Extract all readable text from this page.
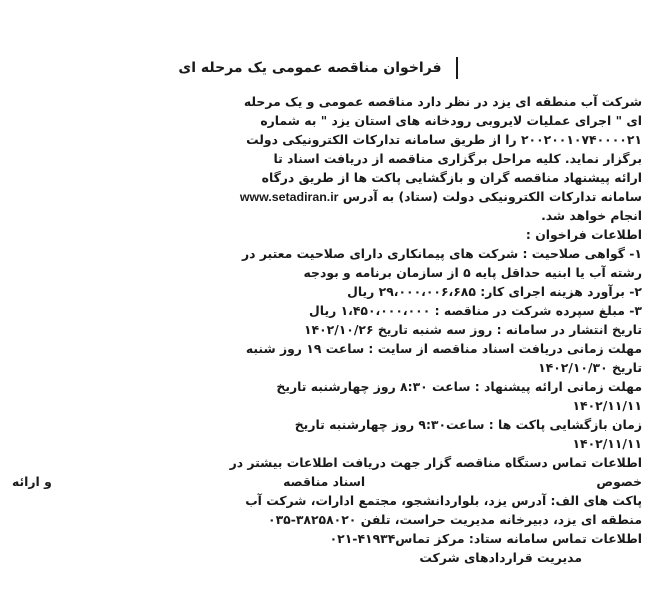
فراخوان مناقصه عمومی یک مرحله ای
شرکت آب منطقه ای یزد در نظر دارد مناقصه عمومی و یک مرحله
ای " اجرای عملیات لایروبی رودخانه های استان یزد " به شماره
۲۰۰۲۰۰۱۰۷۴۰۰۰۰۲۱ را از طریق سامانه تدارکات الکترونیکی دولت
برگزار نماید. کلیه مراحل برگزاری مناقصه از دریافت اسناد تا
ارائه پیشنهاد مناقصه گران و بازگشایی پاکت ها از طریق درگاه
سامانه تدارکات الکترونیکی دولت (ستاد) به آدرس www.setadiran.ir
انجام خواهد شد.
اطلاعات فراخوان :
۱- گواهی صلاحیت : شرکت های پیمانکاری دارای صلاحیت معتبر در
رشته آب یا ابنیه حداقل پایه ۵ از سازمان برنامه و بودجه
۲- برآورد هزینه اجرای کار: ۲۹،۰۰۰،۰۰۶،۶۸۵ ریال
۳- مبلغ سپرده شرکت در مناقصه : ۱،۴۵۰،۰۰۰،۰۰۰ ریال
تاریخ انتشار در سامانه : روز سه شنبه تاریخ ۱۴۰۲/۱۰/۲۶
مهلت زمانی دریافت اسناد مناقصه از سایت : ساعت ۱۹ روز شنبه
تاریخ ۱۴۰۲/۱۰/۳۰
مهلت زمانی ارائه پیشنهاد : ساعت ۸:۳۰ روز چهارشنبه تاریخ
۱۴۰۲/۱۱/۱۱
زمان بازگشایی پاکت ها : ساعت۹:۳۰ روز چهارشنبه تاریخ
۱۴۰۲/۱۱/۱۱
اطلاعات تماس دستگاه مناقصه گزار جهت دریافت اطلاعات بیشتر در
خصوص
اسناد مناقصه
و ارائه
پاکت های الف: آدرس یزد، بلواردانشجو، مجتمع ادارات، شرکت آب
منطقه ای یزد، دبیرخانه مدیریت حراست، تلفن ۳۸۲۵۸۰۲۰-۰۳۵
اطلاعات تماس سامانه ستاد: مرکز تماس۴۱۹۳۴-۰۲۱
مدیریت قراردادهای شرکت
